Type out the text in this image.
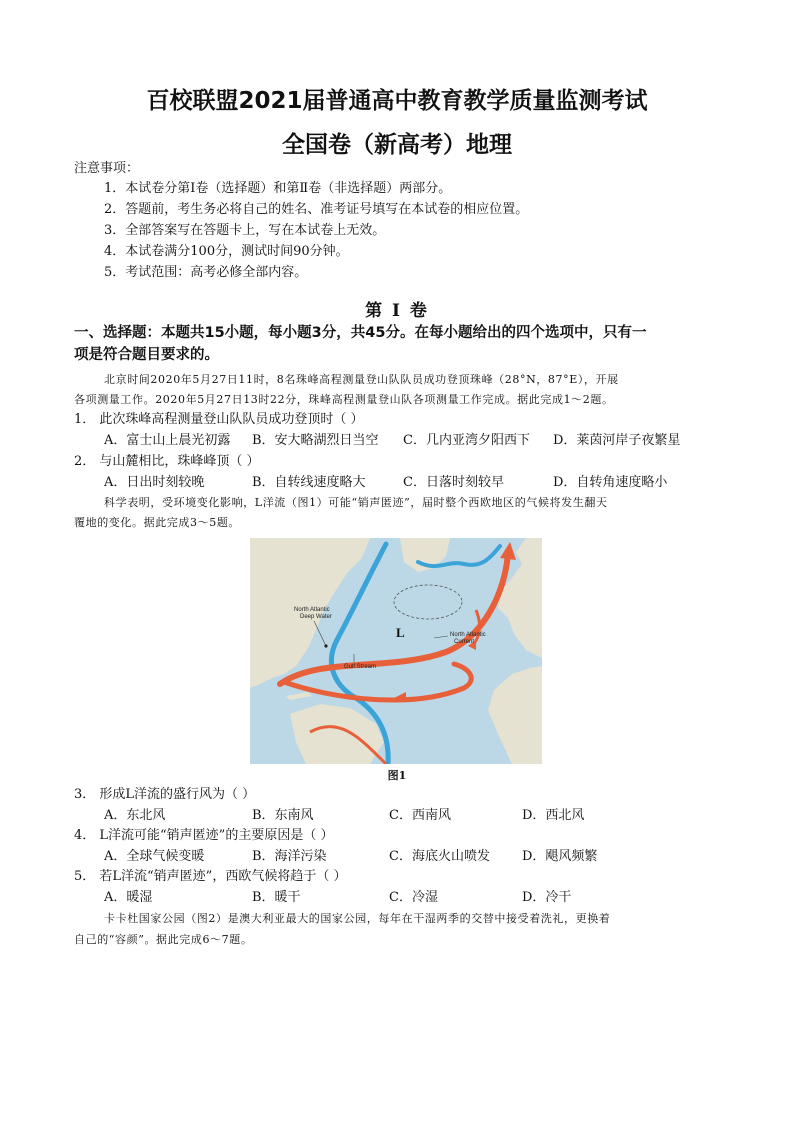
百校联盟2021届普通高中教育教学质量监测考试
全国卷（新高考）地理
注意事项：
1．本试卷分第Ⅰ卷（选择题）和第Ⅱ卷（非选择题）两部分。
2．答题前，考生务必将自己的姓名、准考证号填写在本试卷的相应位置。
3．全部答案写在答题卡上，写在本试卷上无效。
4．本试卷满分100分，测试时间90分钟。
5．考试范围：高考必修全部内容。
第 Ⅰ 卷
一、选择题：本题共15小题，每小题3分，共45分。在每小题给出的四个选项中，只有一
项是符合题目要求的。
北京时间2020年5月27日11时，8名珠峰高程测量登山队队员成功登顶珠峰（28°N，87°E），开展
各项测量工作。2020年5月27日13时22分，珠峰高程测量登山队各项测量工作完成。据此完成1～2题。
1． 此次珠峰高程测量登山队队员成功登顶时（ ）
A．富士山上晨光初露 B．安大略湖烈日当空 C．几内亚湾夕阳西下 D．莱茵河岸子夜繁星
2． 与山麓相比，珠峰峰顶（ ）
A．日出时刻较晚	B．自转线速度略大	C．日落时刻较早	D．自转角速度略小
科学表明，受环境变化影响，L洋流（图1）可能“销声匿迹”，届时整个西欧地区的气候将发生翻天
覆地的变化。据此完成3～5题。
North Atlantic
Deep Water
North Atlantic
Current
Gulf Stream
L
图1
3． 形成L洋流的盛行风为（ ）
A．东北风	B．东南风	C．西南风	D．西北风
4． L洋流可能“销声匿迹”的主要原因是（ ）
A．全球气候变暖	B．海洋污染	C．海底火山喷发 D．飓风频繁
5． 若L洋流“销声匿迹”，西欧气候将趋于（ ）
A．暖湿	B．暖干	C．冷湿	D．冷干
卡卡杜国家公园（图2）是澳大利亚最大的国家公园，每年在干湿两季的交替中接受着洗礼，更换着
自己的“容颜”。据此完成6～7题。
